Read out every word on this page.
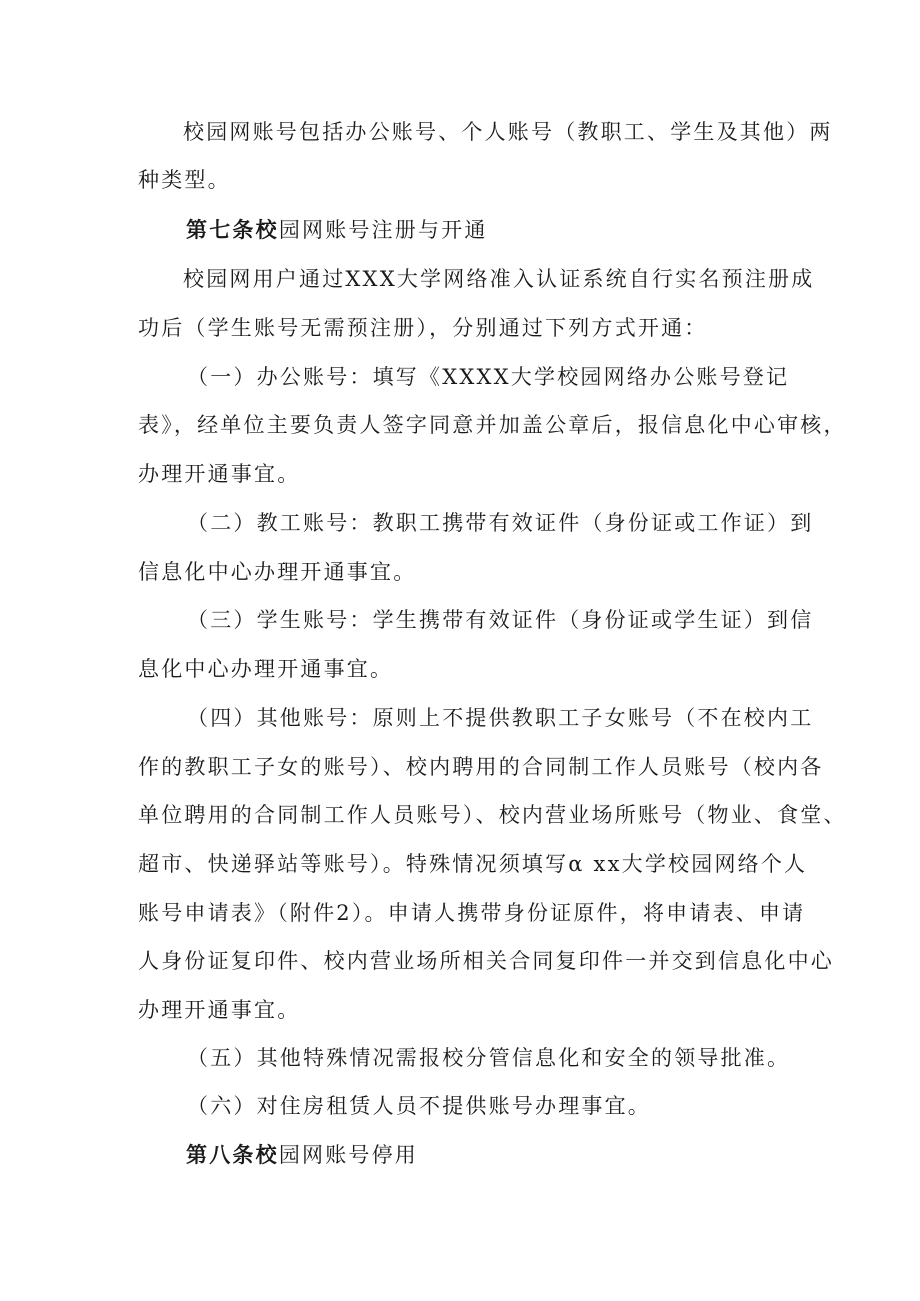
校园网账号包括办公账号、个人账号（教职工、学生及其他）两
种类型。
第七条校园网账号注册与开通
校园网用户通过XXX大学网络准入认证系统自行实名预注册成
功后（学生账号无需预注册），分别通过下列方式开通：
（一）办公账号：填写《XXXX大学校园网络办公账号登记
表》，经单位主要负责人签字同意并加盖公章后，报信息化中心审核，
办理开通事宜。
（二）教工账号：教职工携带有效证件（身份证或工作证）到
信息化中心办理开通事宜。
（三）学生账号：学生携带有效证件（身份证或学生证）到信
息化中心办理开通事宜。
（四）其他账号：原则上不提供教职工子女账号（不在校内工
作的教职工子女的账号）、校内聘用的合同制工作人员账号（校内各
单位聘用的合同制工作人员账号）、校内营业场所账号（物业、食堂、
超市、快递驿站等账号）。特殊情况须填写α xx大学校园网络个人
账号申请表》（附件2）。申请人携带身份证原件，将申请表、申请
人身份证复印件、校内营业场所相关合同复印件一并交到信息化中心
办理开通事宜。
（五）其他特殊情况需报校分管信息化和安全的领导批准。
（六）对住房租赁人员不提供账号办理事宜。
第八条校园网账号停用
